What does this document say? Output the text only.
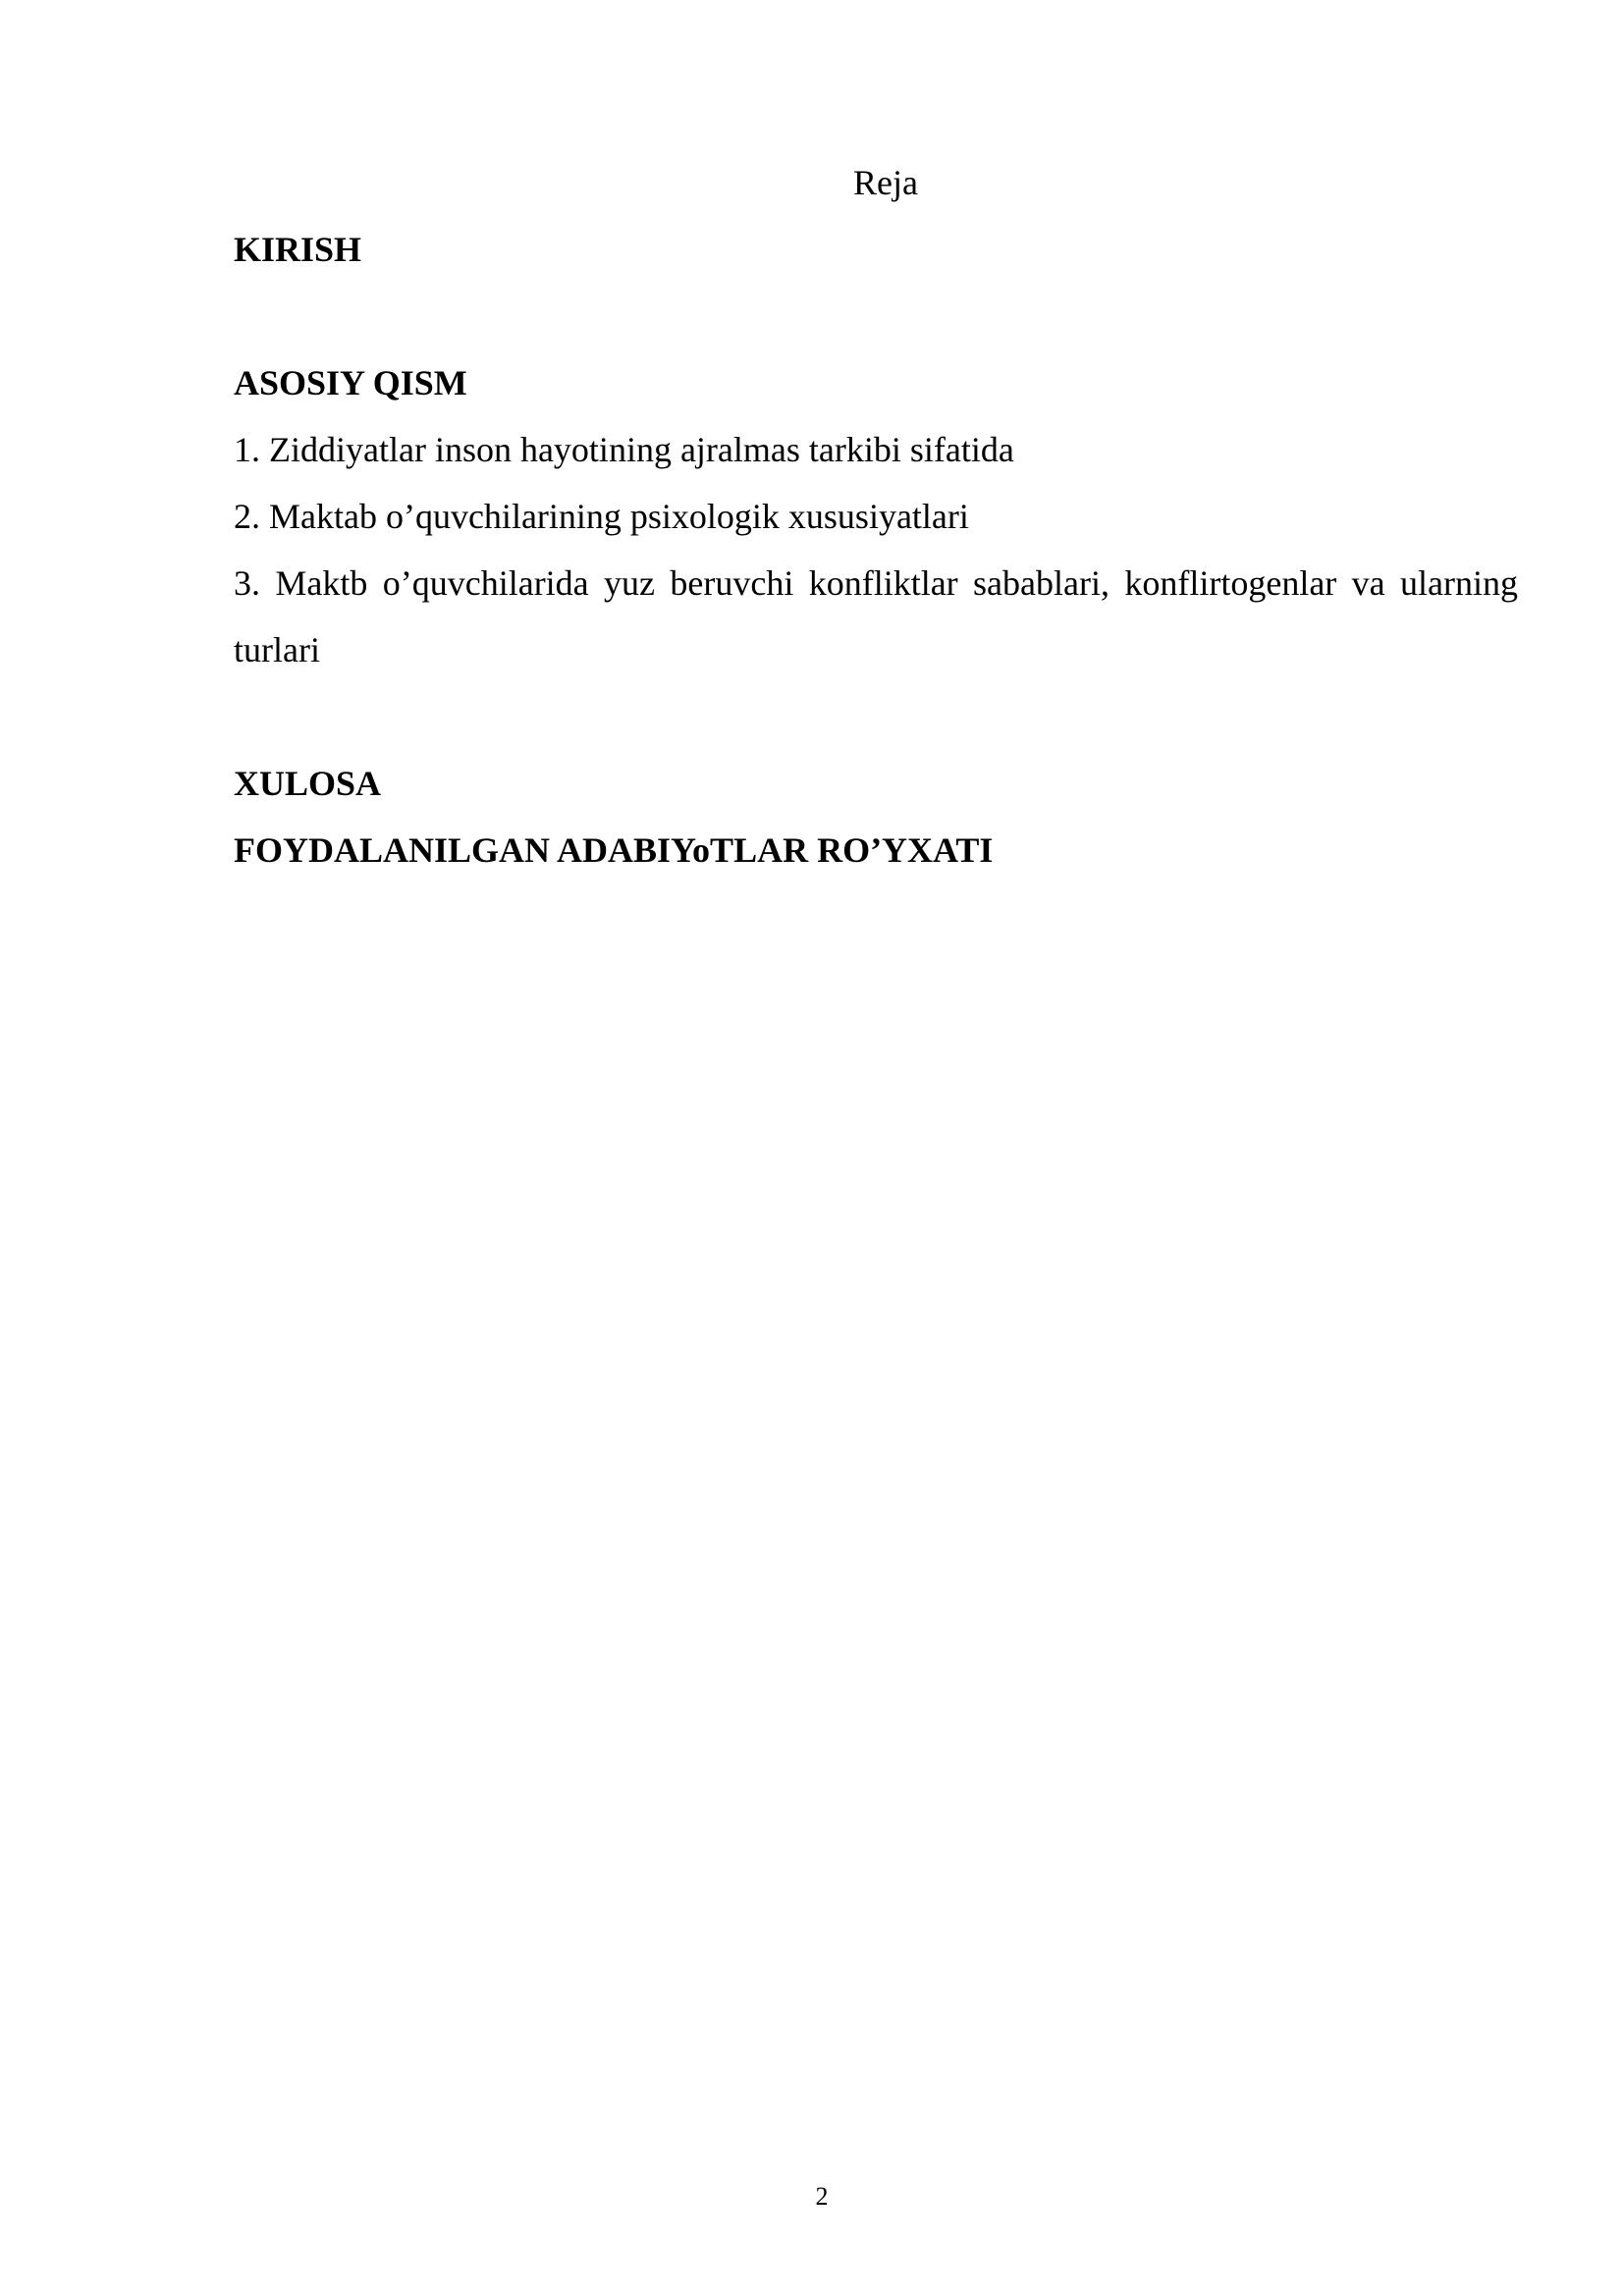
Reja

KIRISH

ASOSIY QISM

1. Ziddiyatlar inson hayotining ajralmas tarkibi sifatida

2. Maktab o’quvchilarining psixologik xususiyatlari

3. Maktb o’quvchilarida yuz beruvchi konfliktlar sabablari, konflirtogenlar va ularning turlari

XULOSA

FOYDALANILGAN ADABIYoTLAR RO’YXATI

2
